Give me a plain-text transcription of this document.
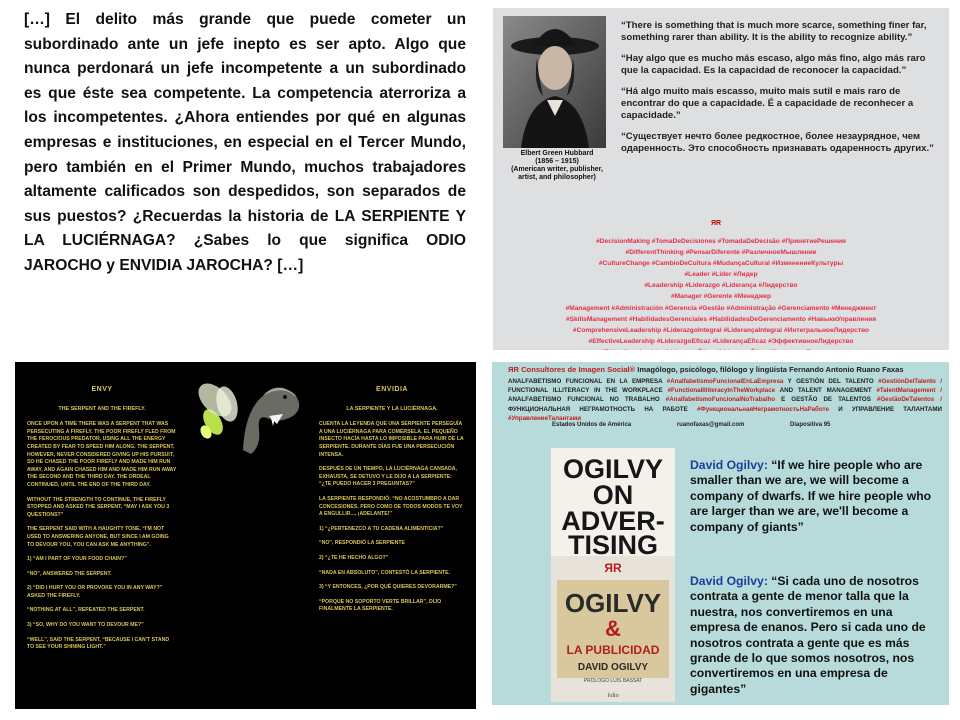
[…] El delito más grande que puede cometer un subordinado ante un jefe inepto es ser apto. Algo que nunca perdonará un jefe incompetente a un subordinado es que éste sea competente. La competencia aterroriza a los incompetentes. ¿Ahora entiendes por qué en algunas empresas e instituciones, en especial en el Tercer Mundo, pero también en el Primer Mundo, muchos trabajadores altamente calificados son despedidos, son separados de sus puestos? ¿Recuerdas la historia de LA SERPIENTE Y LA LUCIÉRNAGA? ¿Sabes lo que significa ODIO JAROCHO y ENVIDIA JAROCHA? […]
Elbert Green Hubbard
(1856 – 1915)
(American writer, publisher, artist, and philosopher)

“There is something that is much more scarce, something finer far, something rarer than ability. It is the ability to recognize ability.”

“Hay algo que es mucho más escaso, algo más fino, algo más raro que la capacidad. Es la capacidad de reconocer la capacidad.”

“Há algo muito mais escasso, muito mais sutil e mais raro de encontrar do que a capacidade. É a capacidade de reconhecer a capacidade.”

“Существует нечто более редкостное, более незаурядное, чем одаренность. Это способность признавать одаренность других.”

ЯR
#DecisionMaking #TomaDeDecisiones #TomadaDeDecisão #ПринятиеРешения
#DifferentThinking #PensarDiferente #РазличноеМышление
#CultureChange #CambioDeCultura #MudançaCultural #ИзменениеКультуры
#Leader #Líder #Лидер
#Leadership #Liderazgo #Liderança #Лидерство
#Manager #Gerente #Менеджер
#Management #Administración #Gerencia #Gestão #Administração #Gerenciamento #Менеджмент
#SkillsManagement #HabilidadesGerenciales #HabilidadesDeGerenciamento #НавыкиУправления
#ComprehensiveLeadership #LiderazgoIntegral #LiderançaIntegral #ИнтегральноеЛидерство
#EffectiveLeadership #LiderazgoEficaz #LiderançaEficaz #ЭффективноеЛидерство
ENVY
THE SERPENT AND THE FIREFLY.

ONCE UPON A TIME THERE WAS A SERPENT THAT WAS PERSECUTING A FIREFLY. THE POOR FIREFLY FLED FROM THE FEROCIOUS PREDATOR, USING ALL THE ENERGY CREATED BY FEAR TO SPEED HIM ALONG. THE SERPENT, HOWEVER, NEVER CONSIDERED GIVING UP HIS PURSUIT, SO HE CHASED THE POOR FIREFLY AND MADE HIM RUN AWAY, AND AGAIN CHASED HIM AND MADE HIM RUN AWAY THE SECOND AND THE THIRD DAY. THE ORDEAL CONTINUED, UNTIL THE END OF THE THIRD DAY.

WITHOUT THE STRENGTH TO CONTINUE, THE FIREFLY STOPPED AND ASKED THE SERPENT, “MAY I ASK YOU 3 QUESTIONS?”

THE SERPENT SAID WITH A HAUGHTY TONE, “I'M NOT USED TO ANSWERING ANYONE, BUT SINCE I AM GOING TO DEVOUR YOU, YOU CAN ASK ME ANYTHING”.

1) “AM I PART OF YOUR FOOD CHAIN?”

“NO”, ANSWERED THE SERPENT.

2) “DID I HURT YOU OR PROVOKE YOU IN ANY WAY?” ASKED THE FIREFLY.

“NOTHING AT ALL”, REPEATED THE SERPENT.

3) “SO, WHY DO YOU WANT TO DEVOUR ME?”

“WELL”, SAID THE SERPENT, “BECAUSE I CAN'T STAND TO SEE YOUR SHINING LIGHT.”

ENVIDIA
LA SERPIENTE Y LA LUCIÉRNAGA.

CUENTA LA LEYENDA QUE UNA SERPIENTE PERSEGUÍA A UNA LUCIÉRNAGA PARA COMÉRSELA. EL PEQUEÑO INSECTO HACÍA HASTA LO IMPOSIBLE PARA HUIR DE LA SERPIENTE. DURANTE DÍAS FUE UNA PERSECUCIÓN INTENSA.

DESPUÉS DE UN TIEMPO, LA LUCIÉRNAGA CANSADA, EXHAUSTA, SE DETUVO Y LE DIJO A LA SERPIENTE: “¿TE PUEDO HACER 3 PREGUNTAS?”

LA SERPIENTE RESPONDIÓ: “NO ACOSTUMBRO A DAR CONCESIONES, PERO COMO DE TODOS MODOS TE VOY A ENGULLIR..., ¡ADELANTE!”

1) “¿PERTENEZCO A TU CADENA ALIMENTICIA?”

“NO”, RESPONDIÓ LA SERPIENTE

2) “¿TE HE HECHO ALGO?”

“NADA EN ABSOLUTO”, CONTESTÓ LA SERPIENTE.

3) “Y ENTONCES, ¿POR QUÉ QUIERES DEVORARME?”

“PORQUE NO SOPORTO VERTE BRILLAR”, DIJO FINALMENTE LA SERPIENTE.

ЯR Consultores de Imagen Social® Imagólogo, psicólogo, filólogo y lingüista Fernando Antonio Ruano Faxas
ANALFABETISMO FUNCIONAL EN LA EMPRESA #AnalfabetismoFuncionalEnLaEmpresa Y GESTIÓN DEL TALENTO #GestiónDelTalento / FUNCTIONAL ILLITERACY IN THE WORKPLACE #FunctionalIlliteracyInTheWorkplace AND TALENT MANAGEMENT #TalentManagement / ANALFABETISMO FUNCIONAL NO TRABALHO #AnalfabetismoFuncionalNoTrabalho E GESTÃO DE TALENTOS #GestãoDeTalentos / ФУНКЦИОНАЛЬНАЯ НЕГРАМОТНОСТЬ НА РАБОТЕ #ФункциональнаяНеграмотностьНаРаботе И УПРАВЛЕНИЕ ТАЛАНТАМИ #УправлениеТалантами
Estados Unidos de América	ruanofaxas@gmail.com	Diapositiva 95
OGILVY
ON
ADVER-
TISING
ЯR
OGILVY
&
LA PUBLICIDAD
DAVID OGILVY
PROLOGO LUIS BASSAT
folio
David Ogilvy: “If we hire people who are smaller than we are, we will become a company of dwarfs. If we hire people who are larger than we are, we'll become a company of giants”
David Ogilvy: “Si cada uno de nosotros contrata a gente de menor talla que la nuestra, nos convertiremos en una empresa de enanos. Pero si cada uno de nosotros contrata a gente que es más grande de lo que somos nosotros, nos convertiremos en una empresa de gigantes”
